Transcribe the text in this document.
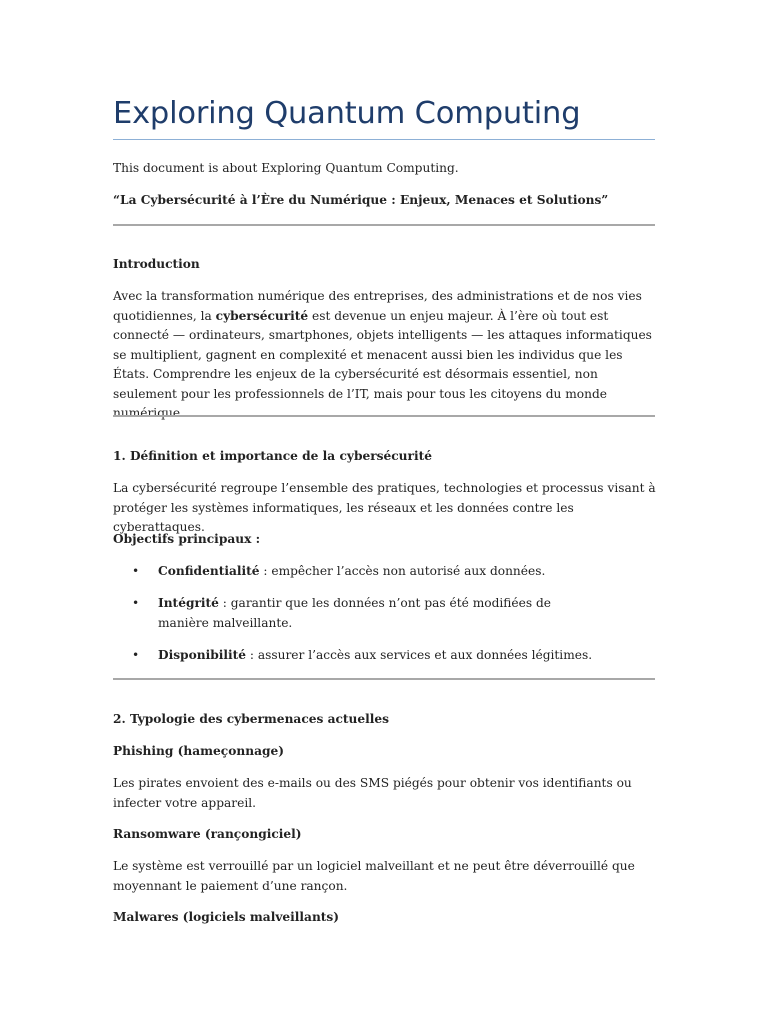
Exploring Quantum Computing

This document is about Exploring Quantum Computing.

“La Cybersécurité à l’Ère du Numérique : Enjeux, Menaces et Solutions”

Introduction

Avec la transformation numérique des entreprises, des administrations et de nos vies quotidiennes, la cybersécurité est devenue un enjeu majeur. À l’ère où tout est connecté — ordinateurs, smartphones, objets intelligents — les attaques informatiques se multiplient, gagnent en complexité et menacent aussi bien les individus que les États. Comprendre les enjeux de la cybersécurité est désormais essentiel, non seulement pour les professionnels de l’IT, mais pour tous les citoyens du monde numérique.

1. Définition et importance de la cybersécurité

La cybersécurité regroupe l’ensemble des pratiques, technologies et processus visant à protéger les systèmes informatiques, les réseaux et les données contre les cyberattaques.

Objectifs principaux :

• Confidentialité : empêcher l’accès non autorisé aux données.

• Intégrité : garantir que les données n’ont pas été modifiées de manière malveillante.

• Disponibilité : assurer l’accès aux services et aux données légitimes.

2. Typologie des cybermenaces actuelles

Phishing (hameçonnage)

Les pirates envoient des e-mails ou des SMS piégés pour obtenir vos identifiants ou infecter votre appareil.

Ransomware (rançongiciel)

Le système est verrouillé par un logiciel malveillant et ne peut être déverrouillé que moyennant le paiement d’une rançon.

Malwares (logiciels malveillants)
